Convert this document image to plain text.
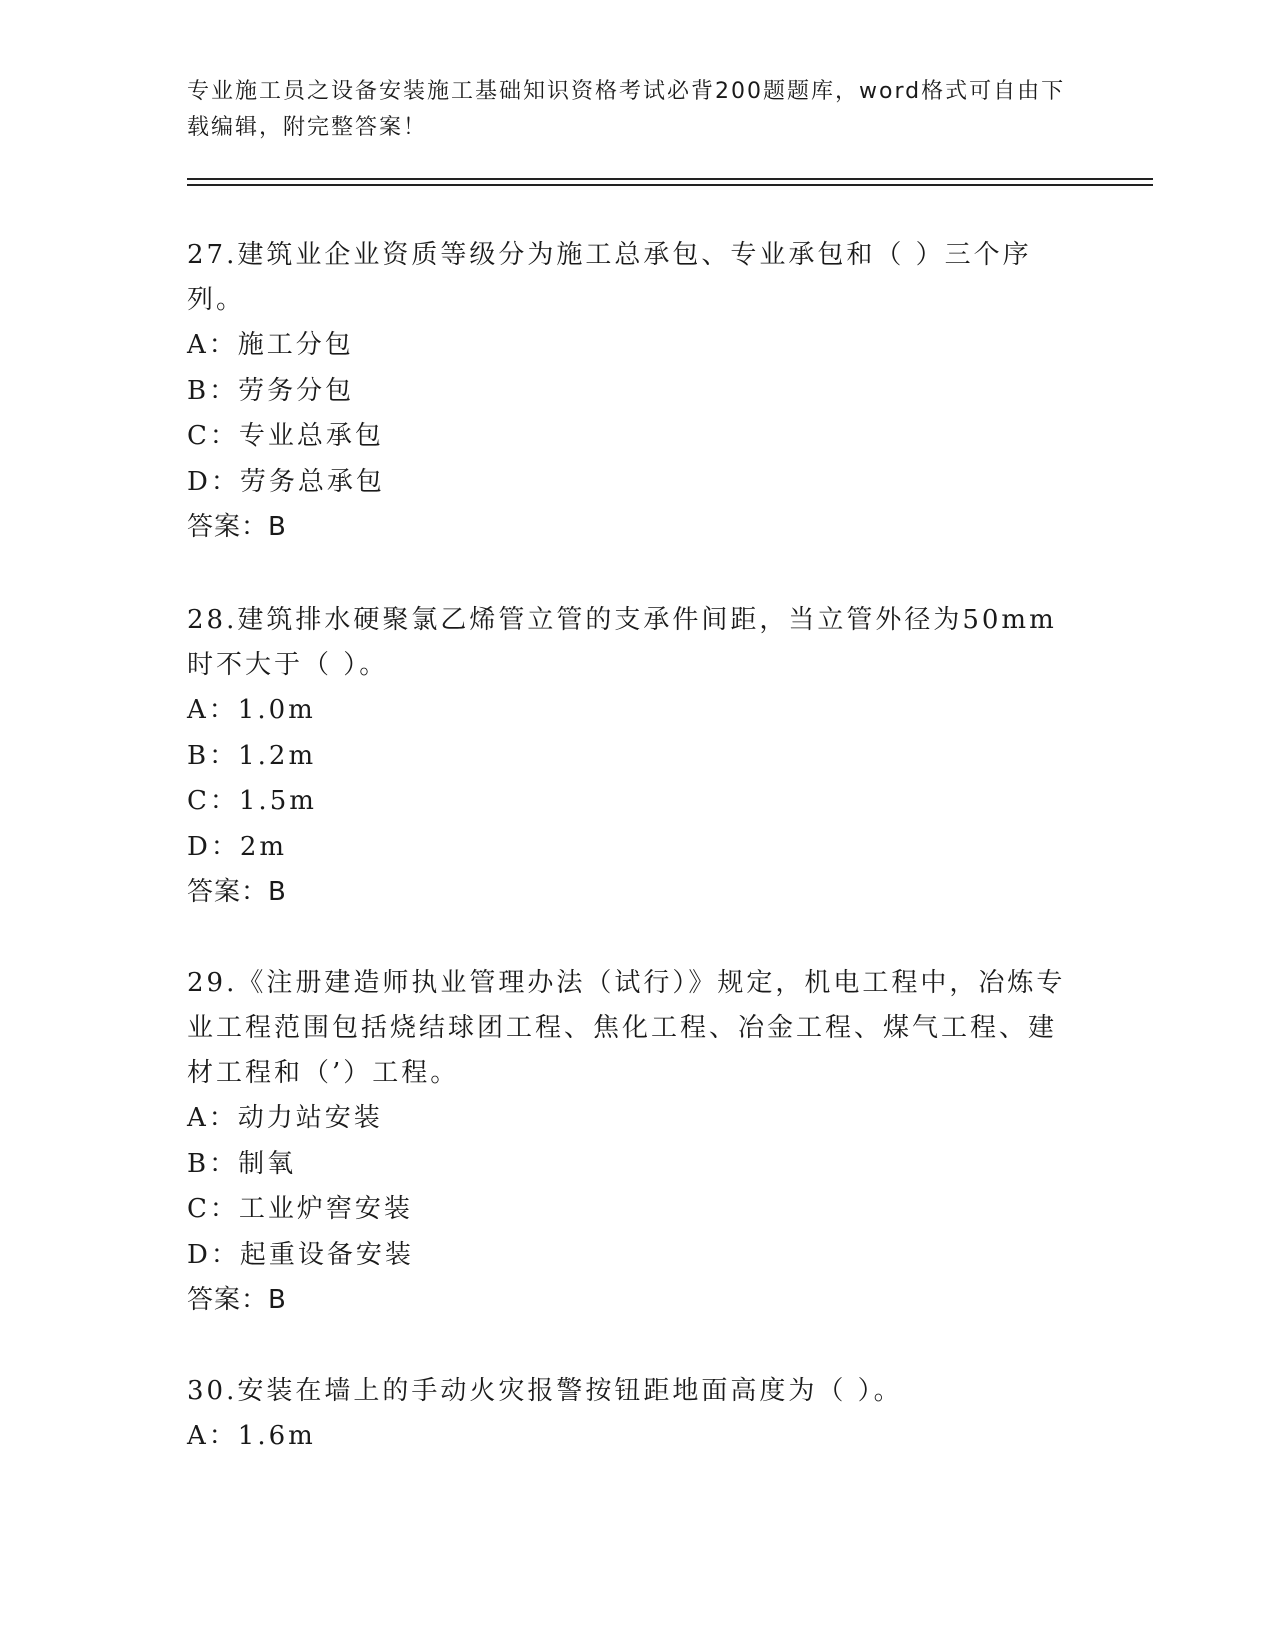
专业施工员之设备安装施工基础知识资格考试必背200题题库，word格式可自由下载编辑，附完整答案！

27.建筑业企业资质等级分为施工总承包、专业承包和（ ）三个序列。

A：施工分包

B：劳务分包

C：专业总承包

D：劳务总承包

答案：B

28.建筑排水硬聚氯乙烯管立管的支承件间距，当立管外径为50mm时不大于（ ）。

A：1.0m

B：1.2m

C：1.5m

D：2m

答案：B

29.《注册建造师执业管理办法（试行）》规定，机电工程中，冶炼专业工程范围包括烧结球团工程、焦化工程、冶金工程、煤气工程、建材工程和（’）工程。

A：动力站安装

B：制氧

C：工业炉窖安装

D：起重设备安装

答案：B

30.安装在墙上的手动火灾报警按钮距地面高度为（ ）。

A：1.6m
